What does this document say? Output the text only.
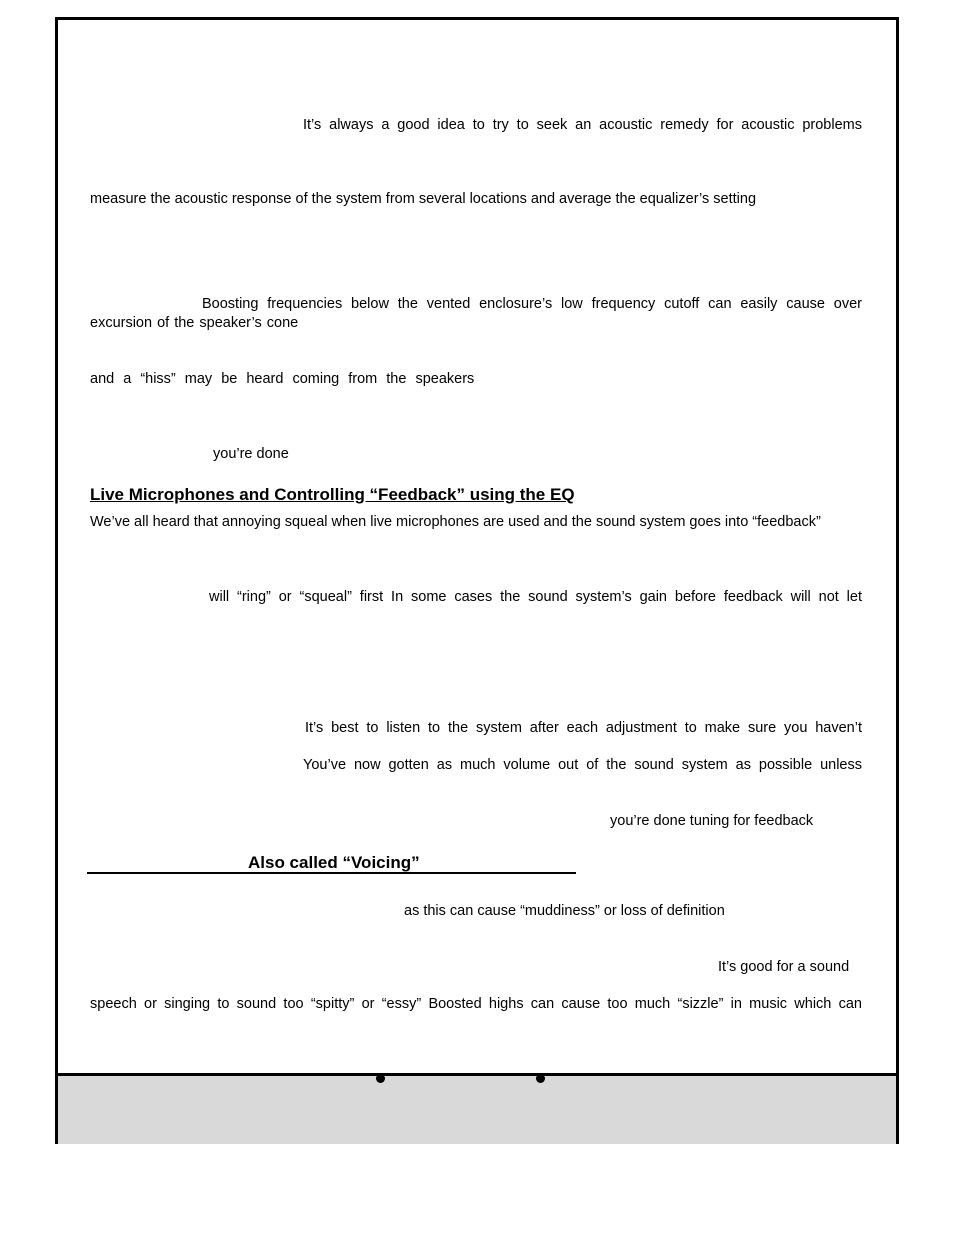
It’s always a good idea to try to seek an acoustic remedy for acoustic problems
measure the acoustic response of the system from several locations and average the equalizer’s setting
Boosting frequencies below the vented enclosure’s low frequency cutoff can easily cause over
excursion of the speaker’s cone
and a “hiss” may be heard coming from the speakers
you’re done
Live Microphones and Controlling “Feedback” using the EQ
We’ve all heard that annoying squeal when live microphones are used and the sound system goes into “feedback”
will “ring” or “squeal” first In some cases the sound system’s gain before feedback will not let
It’s best to listen to the system after each adjustment to make sure you haven’t
You’ve now gotten as much volume out of the sound system as possible unless
you’re done tuning for feedback
Also called “Voicing”
as this can cause “muddiness” or loss of definition
It’s good for a sound
speech or singing to sound too “spitty” or “essy” Boosted highs can cause too much “sizzle” in music which can
